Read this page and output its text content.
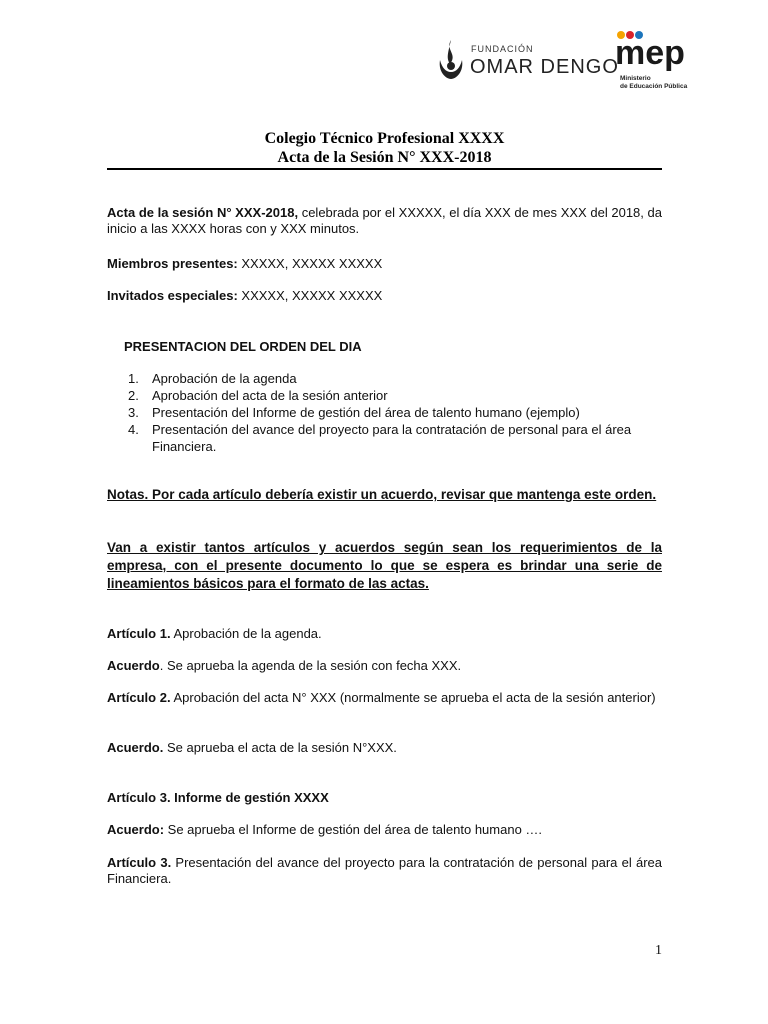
FUNDACIÓN
OMAR DENGO
mep
Ministerio
de Educación Pública
Colegio Técnico Profesional XXXX
Acta de la Sesión N° XXX-2018
Acta de la sesión N° XXX-2018, celebrada por el XXXXX, el día XXX de mes XXX del 2018, da inicio a las XXXX horas con y XXX minutos.
Miembros presentes: XXXXX, XXXXX XXXXX
Invitados especiales: XXXXX, XXXXX XXXXX
PRESENTACION DEL ORDEN DEL DIA
1. Aprobación de la agenda
2. Aprobación del acta de la sesión anterior
3. Presentación del Informe de gestión del área de talento humano (ejemplo)
4. Presentación del avance del proyecto para la contratación de personal para el área Financiera.
Notas. Por cada artículo debería existir un acuerdo, revisar que mantenga este orden.
Van a existir tantos artículos y acuerdos según sean los requerimientos de la empresa, con el presente documento lo que se espera es brindar una serie de lineamientos básicos para el formato de las actas.
Artículo 1. Aprobación de la agenda.
Acuerdo. Se aprueba la agenda de la sesión con fecha XXX.
Artículo 2. Aprobación del acta N° XXX (normalmente se aprueba el acta de la sesión anterior)
Acuerdo. Se aprueba el acta de la sesión N°XXX.
Artículo 3. Informe de gestión XXXX
Acuerdo: Se aprueba el Informe de gestión del área de talento humano ….
Artículo 3. Presentación del avance del proyecto para la contratación de personal para el área Financiera.
1
